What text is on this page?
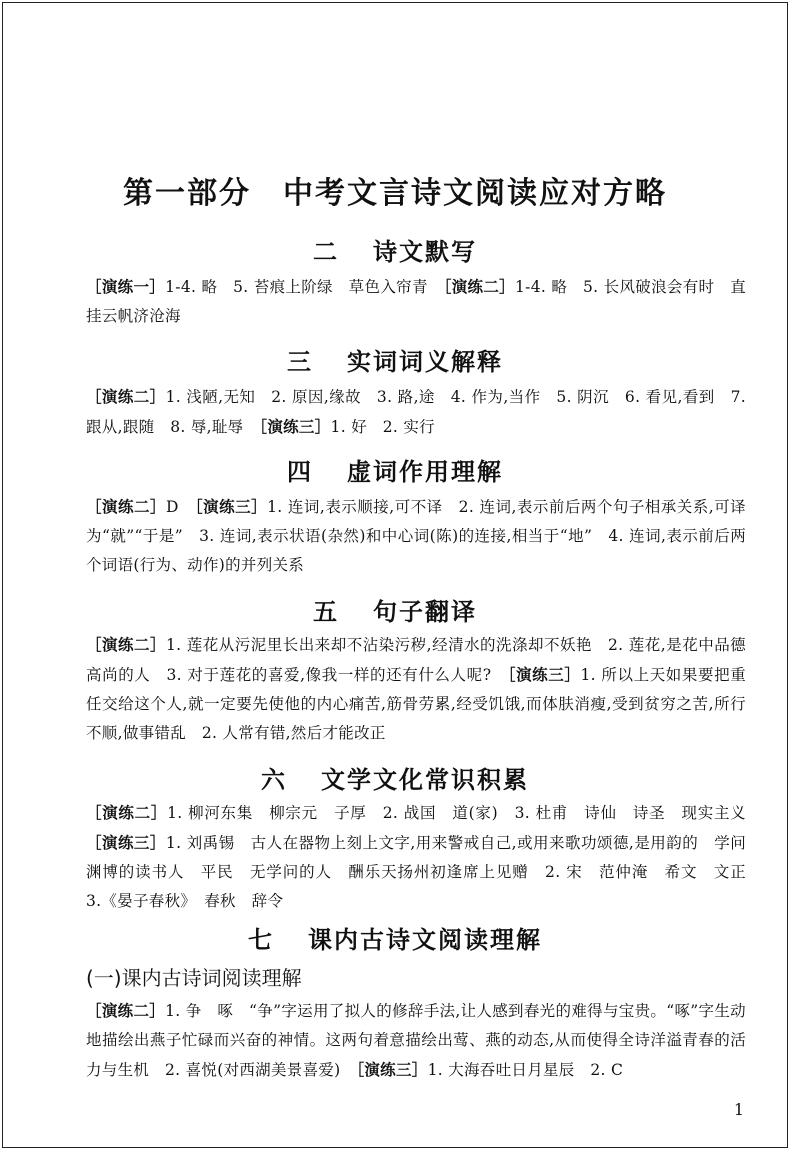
第一部分　中考文言诗文阅读应对方略
二 诗文默写
［演练一］1-4. 略　5. 苔痕上阶绿　草色入帘青　［演练二］1-4. 略　5. 长风破浪会有时　直挂云帆济沧海
三 实词词义解释
［演练二］1. 浅陋,无知　2. 原因,缘故　3. 路,途　4. 作为,当作　5. 阴沉　6. 看见,看到　7. 跟从,跟随　8. 辱,耻辱　［演练三］1. 好　2. 实行
四 虚词作用理解
［演练二］D　［演练三］1. 连词,表示顺接,可不译　2. 连词,表示前后两个句子相承关系,可译为“就”“于是”　3. 连词,表示状语(杂然)和中心词(陈)的连接,相当于“地”　4. 连词,表示前后两个词语(行为、动作)的并列关系
五 句子翻译
［演练二］1. 莲花从污泥里长出来却不沾染污秽,经清水的洗涤却不妖艳　2. 莲花,是花中品德高尚的人　3. 对于莲花的喜爱,像我一样的还有什么人呢?　［演练三］1. 所以上天如果要把重任交给这个人,就一定要先使他的内心痛苦,筋骨劳累,经受饥饿,而体肤消瘦,受到贫穷之苦,所行不顺,做事错乱　2. 人常有错,然后才能改正
六 文学文化常识积累
［演练二］1. 柳河东集　柳宗元　子厚　2. 战国　道(家)　3. 杜甫　诗仙　诗圣　现实主义　［演练三］1. 刘禹锡　古人在器物上刻上文字,用来警戒自己,或用来歌功颂德,是用韵的　学问渊博的读书人　平民　无学问的人　酬乐天扬州初逢席上见赠　2. 宋　范仲淹　希文　文正　3.《晏子春秋》　春秋　辞令
七 课内古诗文阅读理解
(一)课内古诗词阅读理解
［演练二］1. 争　啄　“争”字运用了拟人的修辞手法,让人感到春光的难得与宝贵。“啄”字生动地描绘出燕子忙碌而兴奋的神情。这两句着意描绘出莺、燕的动态,从而使得全诗洋溢青春的活力与生机　2. 喜悦(对西湖美景喜爱)　［演练三］1. 大海吞吐日月星辰　2. C
1
